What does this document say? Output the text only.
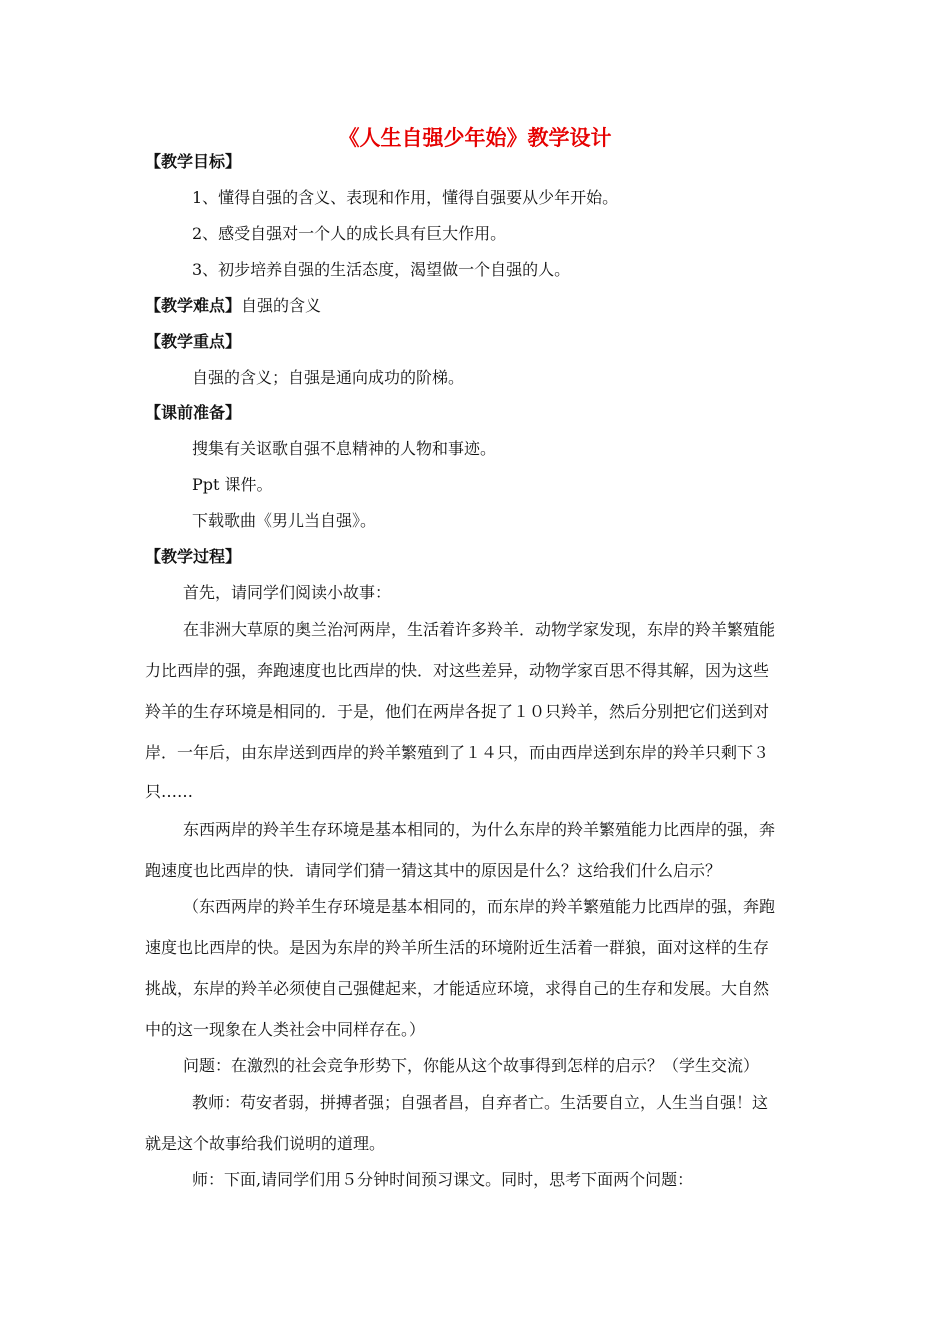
《人生自强少年始》教学设计
【教学目标】
1、懂得自强的含义、表现和作用，懂得自强要从少年开始。
2、感受自强对一个人的成长具有巨大作用。
3、初步培养自强的生活态度，渴望做一个自强的人。
【教学难点】自强的含义
【教学重点】
自强的含义；自强是通向成功的阶梯。
【课前准备】
搜集有关讴歌自强不息精神的人物和事迹。
Ppt 课件。
下载歌曲《男儿当自强》。
【教学过程】
首先，请同学们阅读小故事：
在非洲大草原的奥兰治河两岸，生活着许多羚羊．动物学家发现，东岸的羚羊繁殖能
力比西岸的强，奔跑速度也比西岸的快．对这些差异，动物学家百思不得其解，因为这些
羚羊的生存环境是相同的．于是，他们在两岸各捉了１０只羚羊，然后分别把它们送到对
岸．一年后，由东岸送到西岸的羚羊繁殖到了１４只，而由西岸送到东岸的羚羊只剩下３
只……
东西两岸的羚羊生存环境是基本相同的，为什么东岸的羚羊繁殖能力比西岸的强，奔
跑速度也比西岸的快．请同学们猜一猜这其中的原因是什么？这给我们什么启示？
（东西两岸的羚羊生存环境是基本相同的，而东岸的羚羊繁殖能力比西岸的强，奔跑
速度也比西岸的快。是因为东岸的羚羊所生活的环境附近生活着一群狼，面对这样的生存
挑战，东岸的羚羊必须使自己强健起来，才能适应环境，求得自己的生存和发展。大自然
中的这一现象在人类社会中同样存在。）
问题：在激烈的社会竞争形势下，你能从这个故事得到怎样的启示？（学生交流）
教师：苟安者弱，拼搏者强；自强者昌，自弃者亡。生活要自立，人生当自强！这
就是这个故事给我们说明的道理。
师：下面,请同学们用５分钟时间预习课文。同时，思考下面两个问题：
